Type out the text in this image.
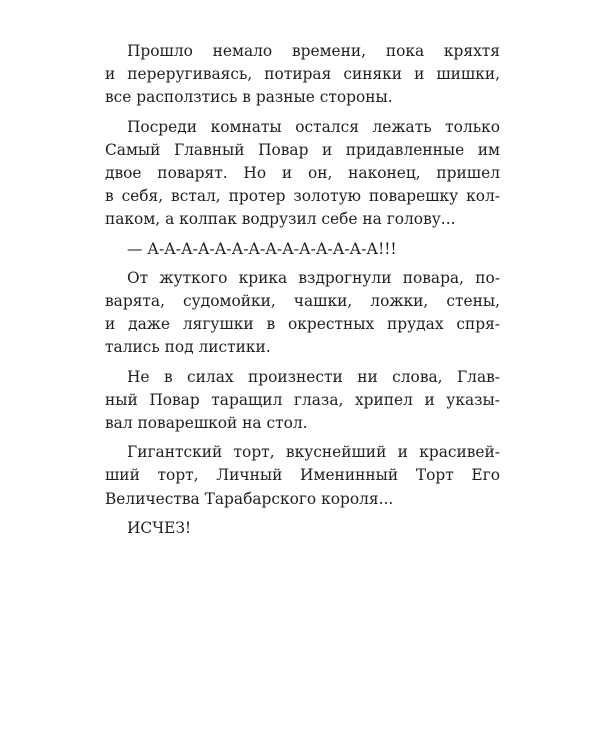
Прошло немало времени, пока кряхтя
и переругиваясь, потирая синяки и шишки,
все расползтись в разные стороны.
Посреди комнаты остался лежать только
Самый Главный Повар и придавленные им
двое поварят. Но и он, наконец, пришел
в себя, встал, протер золотую поварешку кол-
паком, а колпак водрузил себе на голову...
— А-А-А-А-А-А-А-А-А-А-А-А-А-А!!!
От жуткого крика вздрогнули повара, по-
варята, судомойки, чашки, ложки, стены,
и даже лягушки в окрестных прудах спря-
тались под листики.
Не в силах произнести ни слова, Глав-
ный Повар таращил глаза, хрипел и указы-
вал поварешкой на стол.
Гигантский торт, вкуснейший и красивей-
ший торт, Личный Именинный Торт Его
Величества Тарабарского короля...
ИСЧЕЗ!
